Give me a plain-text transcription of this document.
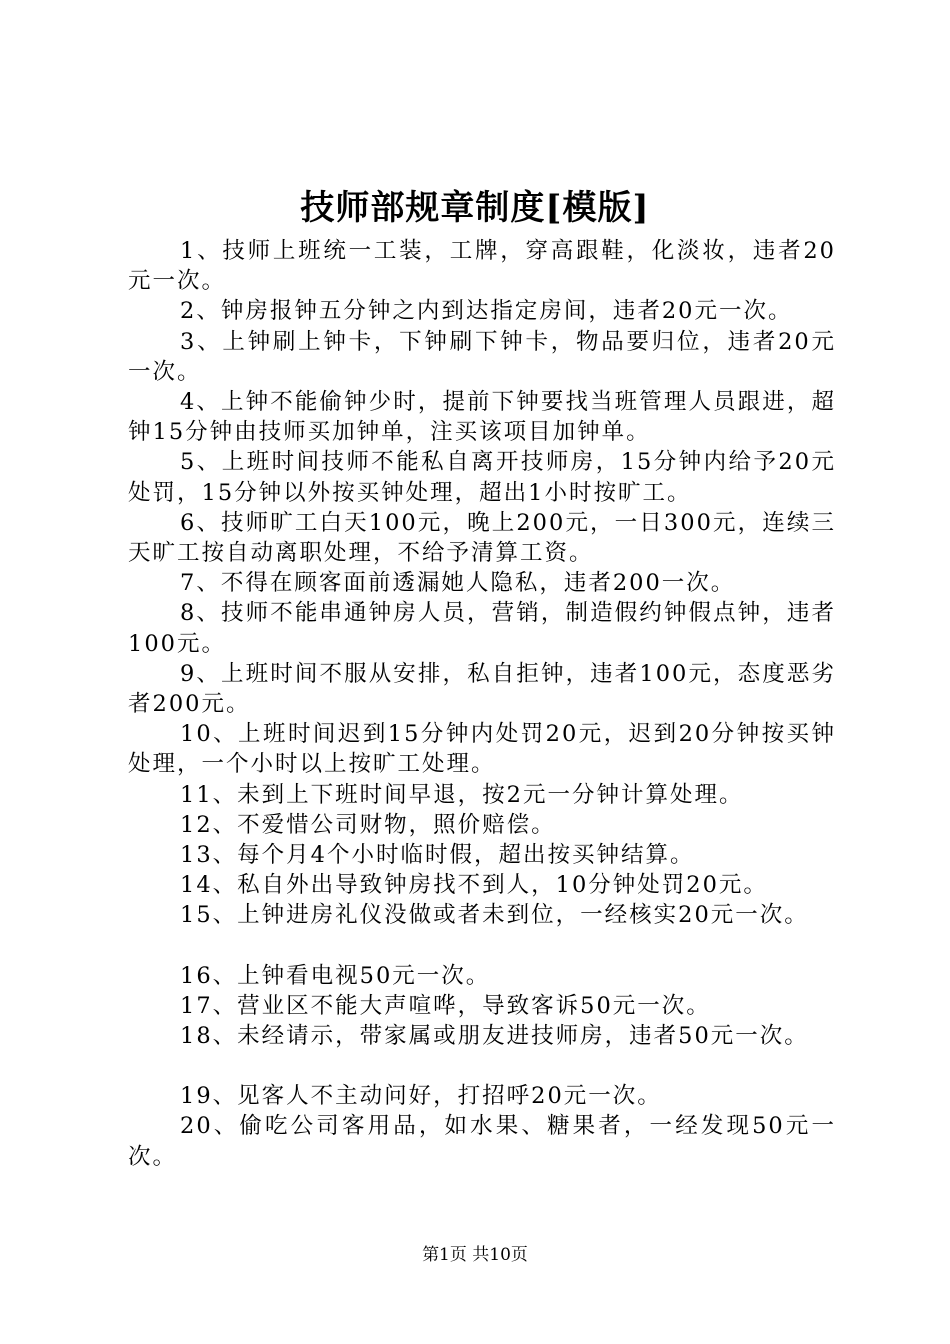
技师部规章制度[模版]

1、技师上班统一工装，工牌，穿高跟鞋，化淡妆，违者20元一次。

2、钟房报钟五分钟之内到达指定房间，违者20元一次。

3、上钟刷上钟卡，下钟刷下钟卡，物品要归位，违者20元一次。

4、上钟不能偷钟少时，提前下钟要找当班管理人员跟进，超钟15分钟由技师买加钟单，注买该项目加钟单。

5、上班时间技师不能私自离开技师房，15分钟内给予20元处罚，15分钟以外按买钟处理，超出1小时按旷工。

6、技师旷工白天100元，晚上200元，一日300元，连续三天旷工按自动离职处理，不给予清算工资。

7、不得在顾客面前透漏她人隐私，违者200一次。

8、技师不能串通钟房人员，营销，制造假约钟假点钟，违者100元。

9、上班时间不服从安排，私自拒钟，违者100元，态度恶劣者200元。

10、上班时间迟到15分钟内处罚20元，迟到20分钟按买钟处理，一个小时以上按旷工处理。

11、未到上下班时间早退，按2元一分钟计算处理。

12、不爱惜公司财物，照价赔偿。

13、每个月4个小时临时假，超出按买钟结算。

14、私自外出导致钟房找不到人，10分钟处罚20元。

15、上钟进房礼仪没做或者未到位，一经核实20元一次。

16、上钟看电视50元一次。

17、营业区不能大声喧哗，导致客诉50元一次。

18、未经请示，带家属或朋友进技师房，违者50元一次。

19、见客人不主动问好，打招呼20元一次。

20、偷吃公司客用品，如水果、糖果者，一经发现50元一次。

第1页 共10页
